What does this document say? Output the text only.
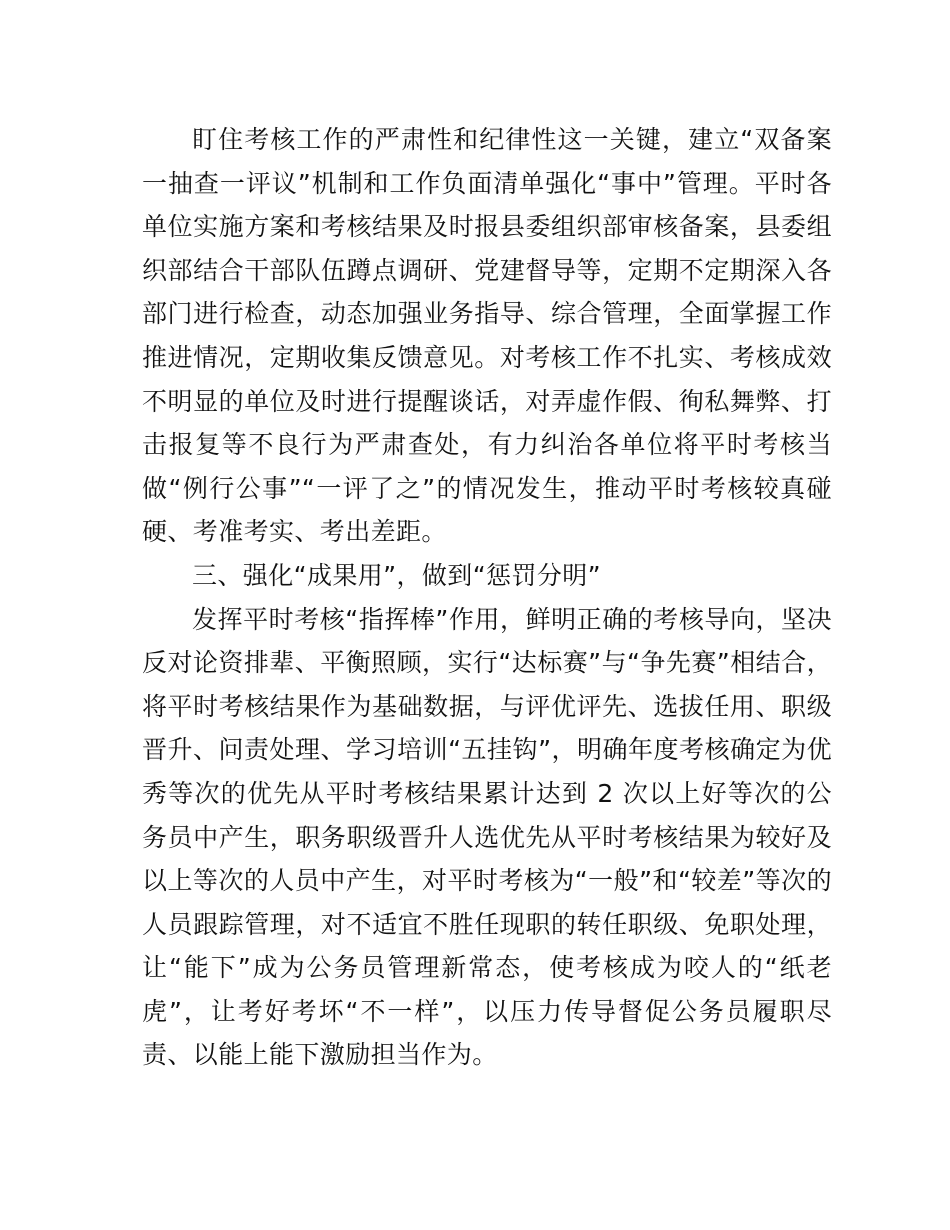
盯住考核工作的严肃性和纪律性这一关键，建立“双备案一抽查一评议”机制和工作负面清单强化“事中”管理。平时各单位实施方案和考核结果及时报县委组织部审核备案，县委组织部结合干部队伍蹲点调研、党建督导等，定期不定期深入各部门进行检查，动态加强业务指导、综合管理，全面掌握工作推进情况，定期收集反馈意见。对考核工作不扎实、考核成效不明显的单位及时进行提醒谈话，对弄虚作假、徇私舞弊、打击报复等不良行为严肃查处，有力纠治各单位将平时考核当做“例行公事”“一评了之”的情况发生，推动平时考核较真碰硬、考准考实、考出差距。

三、强化“成果用”，做到“惩罚分明”

发挥平时考核“指挥棒”作用，鲜明正确的考核导向，坚决反对论资排辈、平衡照顾，实行“达标赛”与“争先赛”相结合，将平时考核结果作为基础数据，与评优评先、选拔任用、职级晋升、问责处理、学习培训“五挂钩”，明确年度考核确定为优秀等次的优先从平时考核结果累计达到 2 次以上好等次的公务员中产生，职务职级晋升人选优先从平时考核结果为较好及以上等次的人员中产生，对平时考核为“一般”和“较差”等次的人员跟踪管理，对不适宜不胜任现职的转任职级、免职处理，让“能下”成为公务员管理新常态，使考核成为咬人的“纸老虎”，让考好考坏“不一样”，以压力传导督促公务员履职尽责、以能上能下激励担当作为。
